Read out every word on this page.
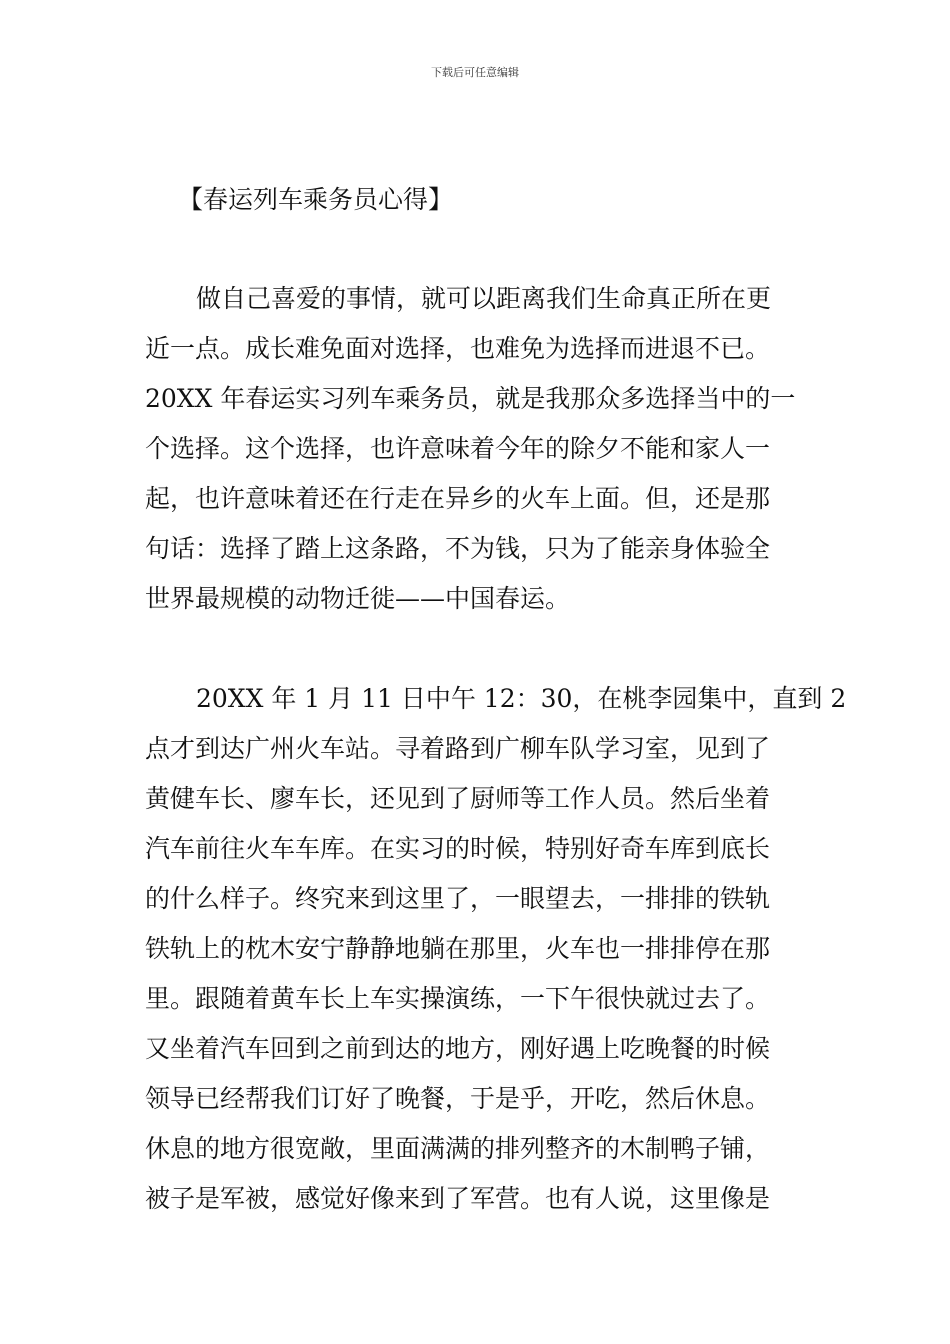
下载后可任意编辑
【春运列车乘务员心得】
做自己喜爱的事情，就可以距离我们生命真正所在更
近一点。成长难免面对选择，也难免为选择而进退不已。
20XX 年春运实习列车乘务员，就是我那众多选择当中的一
个选择。这个选择，也许意味着今年的除夕不能和家人一
起，也许意味着还在行走在异乡的火车上面。但，还是那
句话：选择了踏上这条路，不为钱，只为了能亲身体验全
世界最规模的动物迁徙——中国春运。
20XX 年 1 月 11 日中午 12：30，在桃李园集中，直到 2
点才到达广州火车站。寻着路到广柳车队学习室，见到了
黄健车长、廖车长，还见到了厨师等工作人员。然后坐着
汽车前往火车车库。在实习的时候，特别好奇车库到底长
的什么样子。终究来到这里了，一眼望去，一排排的铁轨
铁轨上的枕木安宁静静地躺在那里，火车也一排排停在那
里。跟随着黄车长上车实操演练，一下午很快就过去了。
又坐着汽车回到之前到达的地方，刚好遇上吃晚餐的时候
领导已经帮我们订好了晚餐，于是乎，开吃，然后休息。
休息的地方很宽敞，里面满满的排列整齐的木制鸭子铺，
被子是军被，感觉好像来到了军营。也有人说，这里像是
